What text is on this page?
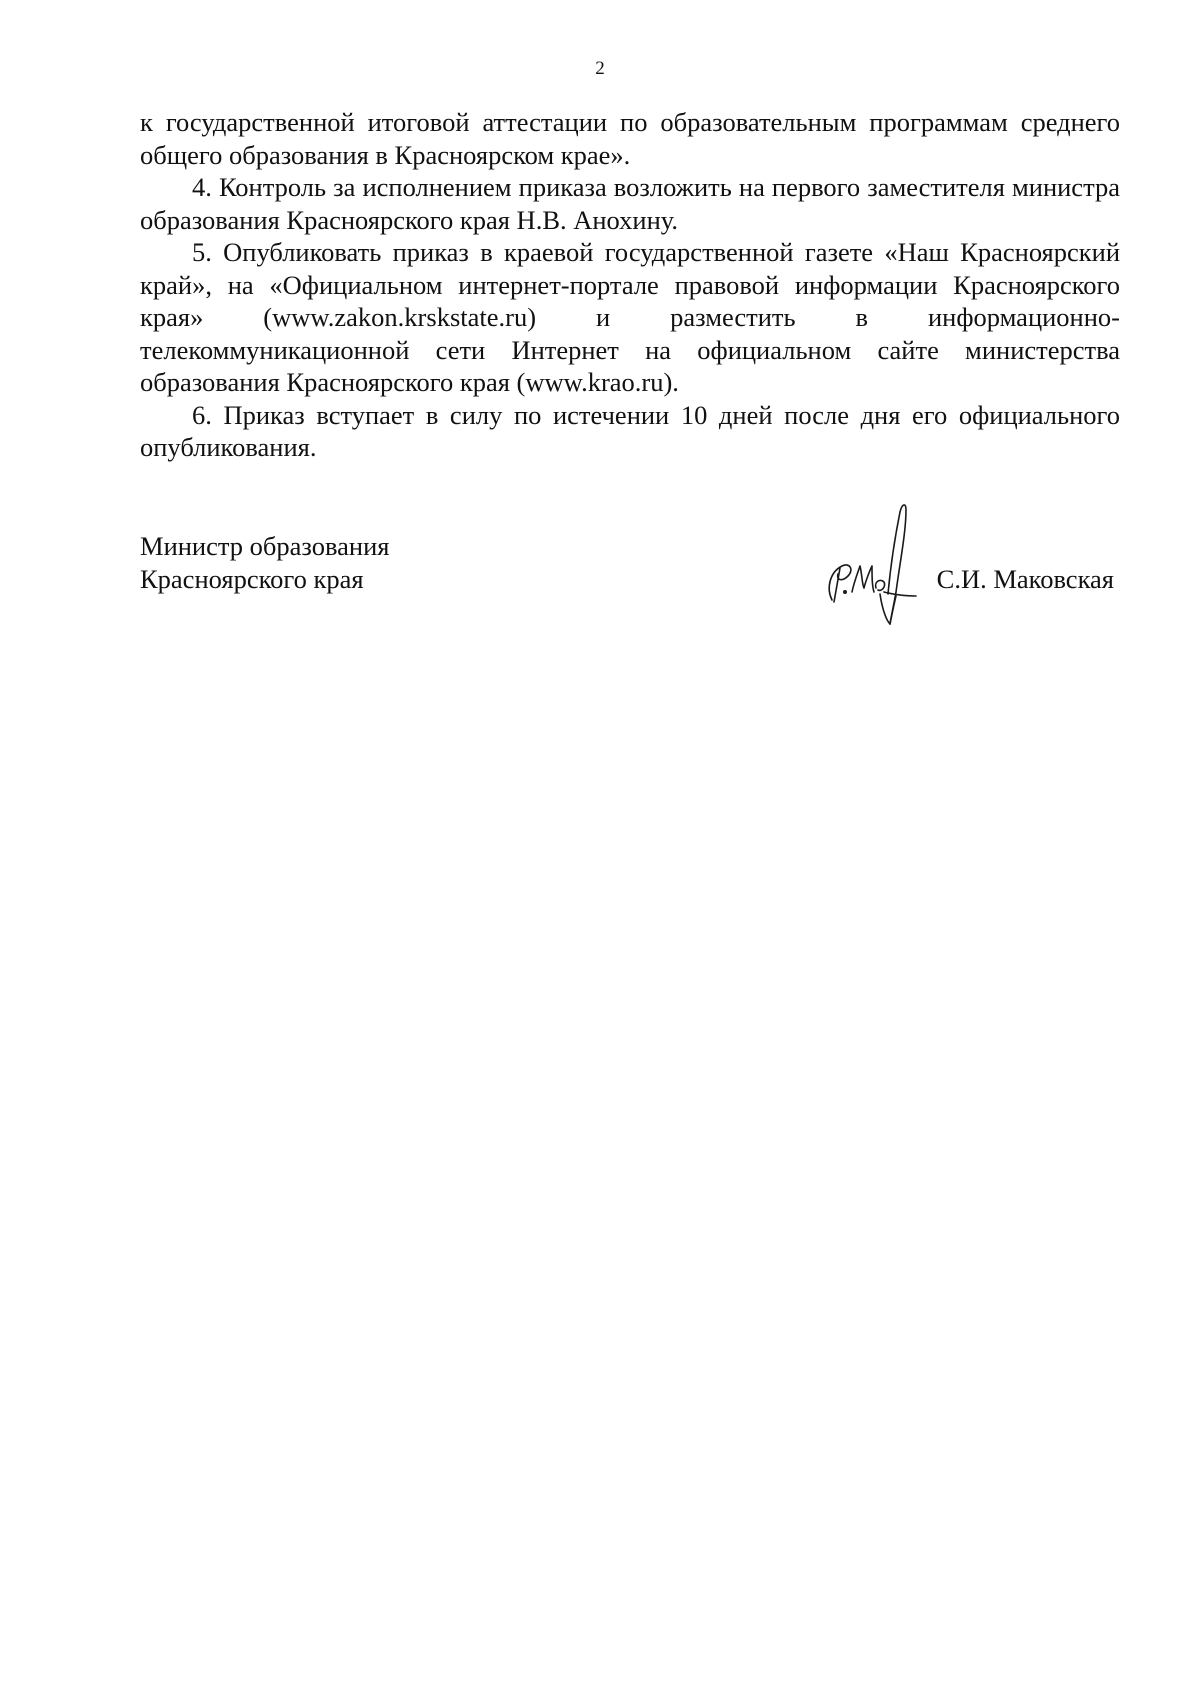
2

к государственной итоговой аттестации по образовательным программам среднего общего образования в Красноярском крае».

4. Контроль за исполнением приказа возложить на первого заместителя министра образования Красноярского края Н.В. Анохину.

5. Опубликовать приказ в краевой государственной газете «Наш Красноярский край», на «Официальном интернет-портале правовой информации Красноярского края» (www.zakon.krskstate.ru) и разместить в информационно-телекоммуникационной сети Интернет на официальном сайте министерства образования Красноярского края (www.krao.ru).

6. Приказ вступает в силу по истечении 10 дней после дня его официального опубликования.

Министр образования
Красноярского края	С.И. Маковская
